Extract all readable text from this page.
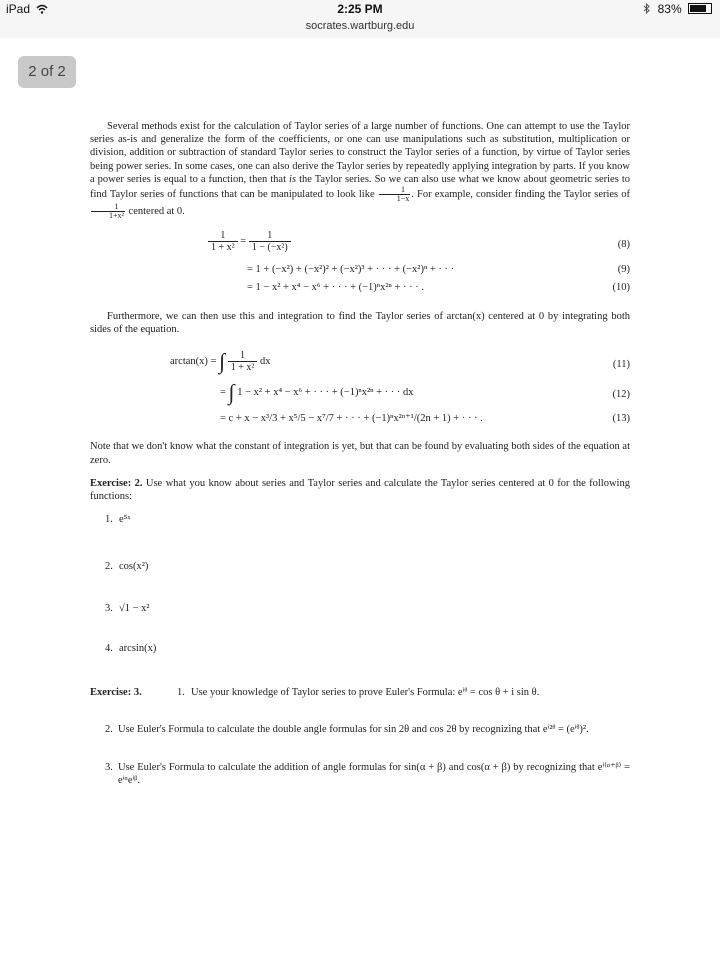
iPad	2:25 PM	83%
socrates.wartburg.edu
2 of 2

Several methods exist for the calculation of Taylor series of a large number of functions. One can attempt to use the Taylor series as-is and generalize the form of the coefficients, or one can use manipulations such as substitution, multiplication or division, addition or subtraction of standard Taylor series to construct the Taylor series of a function, by virtue of Taylor series being power series. In some cases, one can also derive the Taylor series by repeatedly applying integration by parts. If you know a power series is equal to a function, then that is the Taylor series. So we can also use what we know about geometric series to find Taylor series of functions that can be manipulated to look like $\frac{1}{1-x}$ . For example, consider finding the Taylor series of
$\frac{1}{\text{1+x²}}$ centered at 0.

$\frac{1}{\text{1 + x²}} = \frac{1}{\text{1 − (−x²)}}$	(8)
= 1 + (−x²) + (−x²)² + (−x²)³ + · · · + (−x²)ⁿ + · · ·	(9)
= 1 − x² + x⁴ − x⁶ + · · · + (−1)ⁿx²ⁿ + · · · .	(10)

Furthermore, we can then use this and integration to find the Taylor series of arctan(x) centered at 0 by integrating both sides of the equation.

arctan(x) = ∫ $\frac{1}{\text{1 + x²}}$ dx	(11)
= ∫ 1 − x² + x⁴ − x⁶ + · · · + (−1)ⁿx²ⁿ + · · · dx	(12)
= c + x − x³/3 + x⁵/5 − x⁷/7 + · · · + (−1)ⁿx²ⁿ⁺¹/(2n + 1) + · · · .	(13)

Note that we don't know what the constant of integration is yet, but that can be found by evaluating both sides of the equation at zero.

Exercise: 2. Use what you know about series and Taylor series and calculate the Taylor series centered at 0 for the following functions:

1. e⁵ˣ
2. cos(x²)
3. √1 − x²
4. arcsin(x)
Exercise: 3.	1. Use your knowledge of Taylor series to prove Euler's Formula: eⁱᶿ = cos θ + i sin θ.
2. Use Euler's Formula to calculate the double angle formulas for sin 2θ and cos 2θ by recognizing that eⁱ²ᶿ = (eⁱᶿ)².
3. Use Euler's Formula to calculate the addition of angle formulas for sin(α + β) and cos(α + β) by recognizing that eⁱ⁽ᵅ⁺ᵝ⁾ = eⁱᵅeⁱᵝ.
